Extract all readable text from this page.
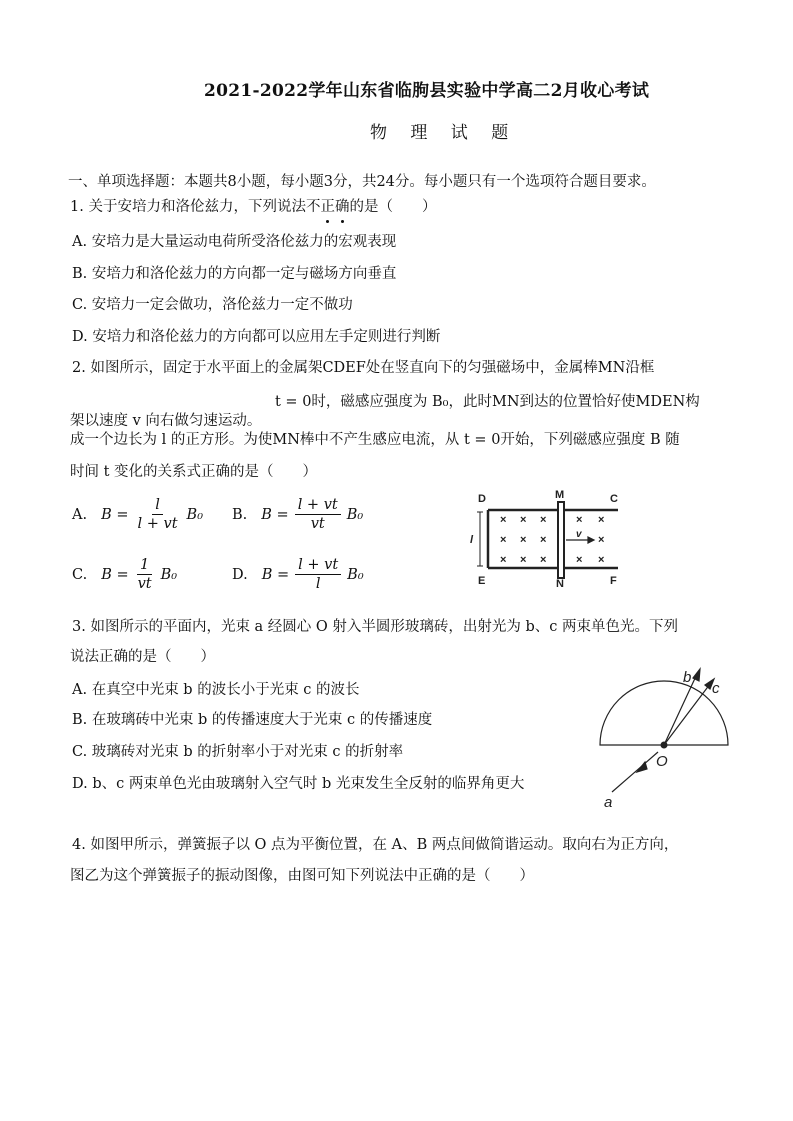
2021-2022学年山东省临朐县实验中学高二2月收心考试
物 理 试 题
一、单项选择题：本题共8小题，每小题3分，共24分。每小题只有一个选项符合题目要求。
1. 关于安培力和洛伦兹力，下列说法不正确的是（　　）
A. 安培力是大量运动电荷所受洛伦兹力的宏观表现
B. 安培力和洛伦兹力的方向都一定与磁场方向垂直
C. 安培力一定会做功，洛伦兹力一定不做功
D. 安培力和洛伦兹力的方向都可以应用左手定则进行判断
2. 如图所示，固定于水平面上的金属架CDEF处在竖直向下的匀强磁场中，金属棒MN沿框
t = 0时，磁感应强度为 B₀，此时MN到达的位置恰好使MDEN构
架以速度 v 向右做匀速运动。
成一个边长为 l 的正方形。为使MN棒中不产生感应电流，从 t = 0开始，下列磁感应强度 B 随
时间 t 变化的关系式正确的是（　　）
A. $B = \frac{l}{l + vt} B_0$ B. $B = \frac{l + vt}{vt} B_0$
C. $B = \frac{1}{vt} B_0$	D. $B = \frac{l + vt}{l} B_0$
D	M	C
E	N	F
l	v
× × ×	× ×
× × ×	×
× × ×	× ×
3. 如图所示的平面内，光束 a 经圆心 O 射入半圆形玻璃砖，出射光为 b、c 两束单色光。下列
说法正确的是（　　）
A. 在真空中光束 b 的波长小于光束 c 的波长
B. 在玻璃砖中光束 b 的传播速度大于光束 c 的传播速度
C. 玻璃砖对光束 b 的折射率小于对光束 c 的折射率
D. b、c 两束单色光由玻璃射入空气时 b 光束发生全反射的临界角更大
b
c
O
a
4. 如图甲所示，弹簧振子以 O 点为平衡位置，在 A、B 两点间做简谐运动。取向右为正方向，
图乙为这个弹簧振子的振动图像，由图可知下列说法中正确的是（　　）
